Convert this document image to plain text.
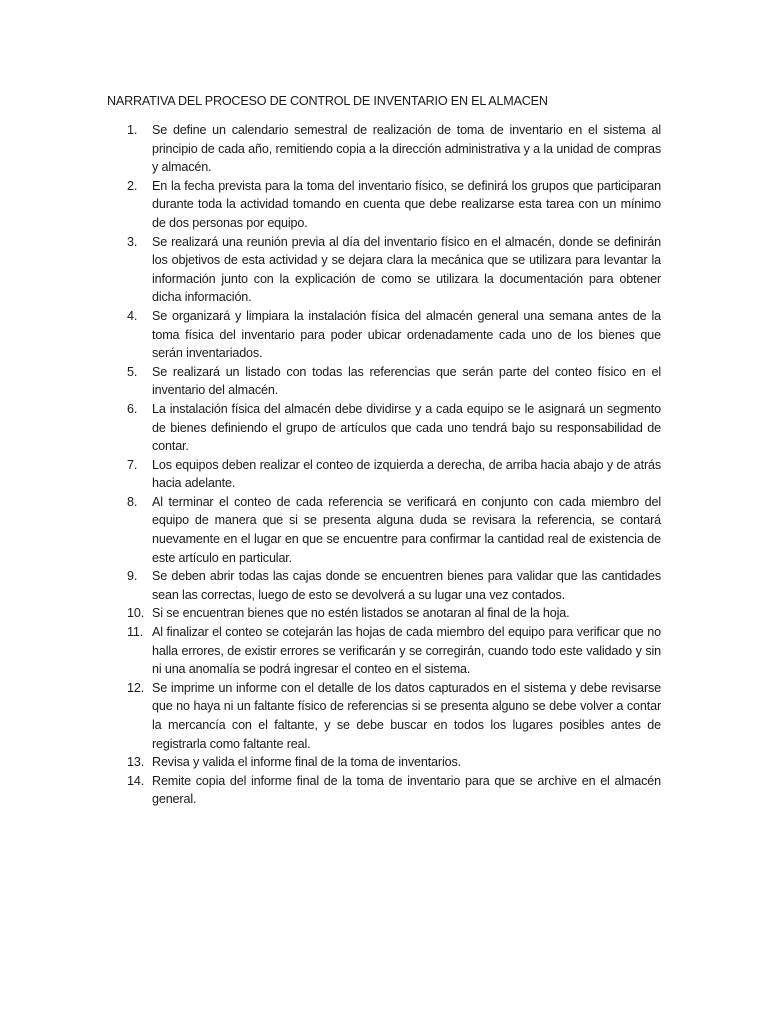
NARRATIVA DEL PROCESO DE CONTROL DE INVENTARIO EN EL ALMACEN
1.	Se define un calendario semestral de realización de toma de inventario en el sistema al principio de cada año, remitiendo copia a la dirección administrativa y a la unidad de compras y almacén.
2.	En la fecha prevista para la toma del inventario físico, se definirá los grupos que participaran durante toda la actividad tomando en cuenta que debe realizarse esta tarea con un mínimo de dos personas por equipo.
3.	Se realizará una reunión previa al día del inventario físico en el almacén, donde se definirán los objetivos de esta actividad y se dejara clara la mecánica que se utilizara para levantar la información junto con la explicación de como se utilizara la documentación para obtener dicha información.
4.	Se organizará y limpiara la instalación física del almacén general una semana antes de la toma física del inventario para poder ubicar ordenadamente cada uno de los bienes que serán inventariados.
5.	Se realizará un listado con todas las referencias que serán parte del conteo físico en el inventario del almacén.
6.	La instalación física del almacén debe dividirse y a cada equipo se le asignará un segmento de bienes definiendo el grupo de artículos que cada uno tendrá bajo su responsabilidad de contar.
7.	Los equipos deben realizar el conteo de izquierda a derecha, de arriba hacia abajo y de atrás hacia adelante.
8.	Al terminar el conteo de cada referencia se verificará en conjunto con cada miembro del equipo de manera que si se presenta alguna duda se revisara la referencia, se contará nuevamente en el lugar en que se encuentre para confirmar la cantidad real de existencia de este artículo en particular.
9.	Se deben abrir todas las cajas donde se encuentren bienes para validar que las cantidades sean las correctas, luego de esto se devolverá a su lugar una vez contados.
10. Si se encuentran bienes que no estén listados se anotaran al final de la hoja.
11. Al finalizar el conteo se cotejarán las hojas de cada miembro del equipo para verificar que no halla errores, de existir errores se verificarán y se corregirán, cuando todo este validado y sin ni una anomalía se podrá ingresar el conteo en el sistema.
12. Se imprime un informe con el detalle de los datos capturados en el sistema y debe revisarse que no haya ni un faltante físico de referencias si se presenta alguno se debe volver a contar la mercancía con el faltante, y se debe buscar en todos los lugares posibles antes de registrarla como faltante real.
13. Revisa y valida el informe final de la toma de inventarios.
14. Remite copia del informe final de la toma de inventario para que se archive en el almacén general.
